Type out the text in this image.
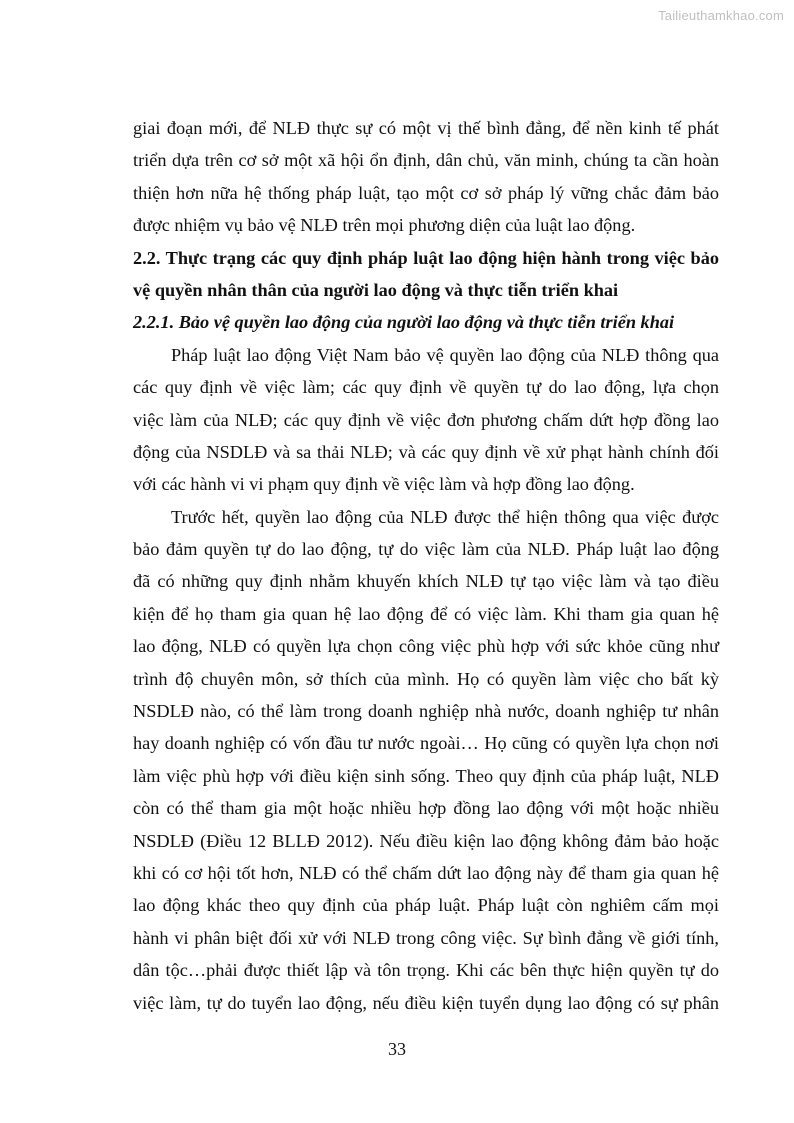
Tailieuthamkhao.com
giai đoạn mới, để NLĐ thực sự có một vị thế bình đẳng, để nền kinh tế phát
triển dựa trên cơ sở một xã hội ổn định, dân chủ, văn minh, chúng ta cần hoàn
thiện hơn nữa hệ thống pháp luật, tạo một cơ sở pháp lý vững chắc đảm bảo
được nhiệm vụ bảo vệ NLĐ trên mọi phương diện của luật lao động.
2.2. Thực trạng các quy định pháp luật lao động hiện hành trong việc bảo
vệ quyền nhân thân của người lao động và thực tiễn triển khai
2.2.1. Bảo vệ quyền lao động của người lao động và thực tiễn triển khai
Pháp luật lao động Việt Nam bảo vệ quyền lao động của NLĐ thông qua
các quy định về việc làm; các quy định về quyền tự do lao động, lựa chọn
việc làm của NLĐ; các quy định về việc đơn phương chấm dứt hợp đồng lao
động của NSDLĐ và sa thải NLĐ; và các quy định về xử phạt hành chính đối
với các hành vi vi phạm quy định về việc làm và hợp đồng lao động.
Trước hết, quyền lao động của NLĐ được thể hiện thông qua việc được
bảo đảm quyền tự do lao động, tự do việc làm của NLĐ. Pháp luật lao động
đã có những quy định nhằm khuyến khích NLĐ tự tạo việc làm và tạo điều
kiện để họ tham gia quan hệ lao động để có việc làm. Khi tham gia quan hệ
lao động, NLĐ có quyền lựa chọn công việc phù hợp với sức khỏe cũng như
trình độ chuyên môn, sở thích của mình. Họ có quyền làm việc cho bất kỳ
NSDLĐ nào, có thể làm trong doanh nghiệp nhà nước, doanh nghiệp tư nhân
hay doanh nghiệp có vốn đầu tư nước ngoài… Họ cũng có quyền lựa chọn nơi
làm việc phù hợp với điều kiện sinh sống. Theo quy định của pháp luật, NLĐ
còn có thể tham gia một hoặc nhiều hợp đồng lao động với một hoặc nhiều
NSDLĐ (Điều 12 BLLĐ 2012). Nếu điều kiện lao động không đảm bảo hoặc
khi có cơ hội tốt hơn, NLĐ có thể chấm dứt lao động này để tham gia quan hệ
lao động khác theo quy định của pháp luật. Pháp luật còn nghiêm cấm mọi
hành vi phân biệt đối xử với NLĐ trong công việc. Sự bình đẳng về giới tính,
dân tộc…phải được thiết lập và tôn trọng. Khi các bên thực hiện quyền tự do
việc làm, tự do tuyển lao động, nếu điều kiện tuyển dụng lao động có sự phân
33
